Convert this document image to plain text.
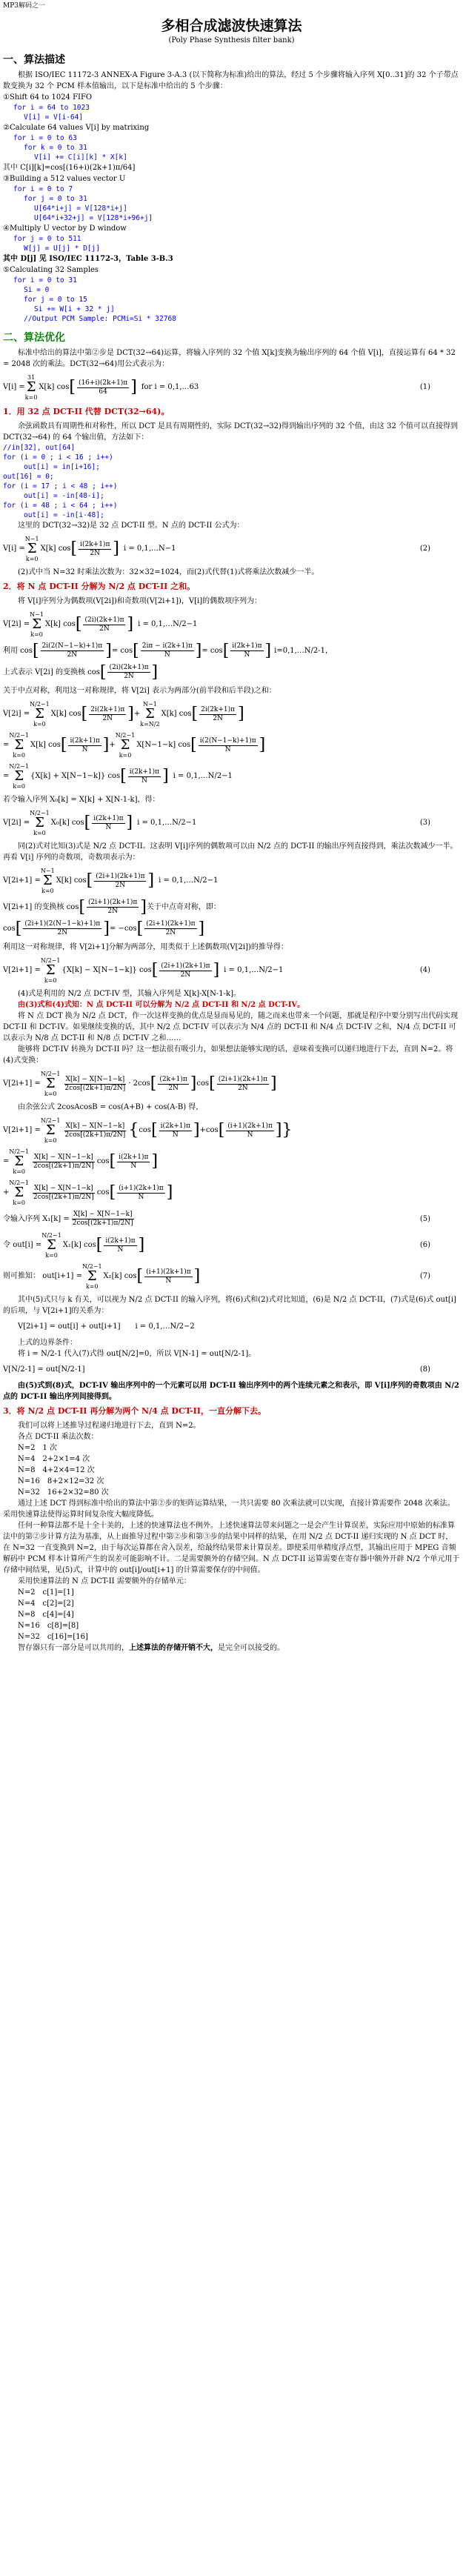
MP3解码之一
多相合成滤波快速算法
(Poly Phase Synthesis filter bank)
一、算法描述

根据 ISO/IEC 11172-3 ANNEX-A Figure 3-A.3 (以下简称为标准)给出的算法，经过 5 个步骤将输入序列 X[0..31]的 32 个子带点数变换为 32 个 PCM 样本值输出，以下是标准中给出的 5 个步骤：

①Shift 64 to 1024 FIFO

for i = 64 to 1023
V[i] = V[i-64]

②Calculate 64 values V[i] by matrixing

for i = 0 to 63
for k = 0 to 31
V[i] += C[i][k] * X[k]

其中 C[i][k]=cos[(16+i)(2k+1)π/64]

③Building a 512 values vector U

for i = 0 to 7
for j = 0 to 31
U[64*i+j] = V[128*i+j]
U[64*i+32+j] = V[128*i+96+j]

④Multiply U vector by D window

for j = 0 to 511
W[j] = U[j] * D[j]

其中 D[j] 见 ISO/IEC 11172-3，Table 3-B.3

⑤Calculating 32 Samples

for i = 0 to 31
Si = 0
for j = 0 to 15
Si += W[i + 32 * j]
//Output PCM Sample: PCMi=Si * 32768
二、算法优化

标准中给出的算法中第②步是 DCT(32→64)运算，将输入序列的 32 个值 X[k]变换为输出序列的 64 个值 V[i]，直接运算有 64 * 32 = 2048 次的乘法。DCT(32→64)用公式表示为：

V[i] =
31
Σ
k=0
X[k] cos [ $\frac{(16+i)(2k+1)\pi}{64}$ ] for i = 0,1,…63	(1)
1．用 32 点 DCT-II 代替 DCT(32→64)。

余弦函数具有周期性和对称性，所以 DCT 是具有周期性的，实际 DCT(32→32)得到输出序列的 32 个值，由这 32 个值可以直接得到 DCT(32→64) 的 64 个输出值，方法如下：

//in[32], out[64]
for (i = 0 ; i < 16 ; i++)
out[i] = in[i+16];
out[16] = 0;
for (i = 17 ; i < 48 ; i++)
out[i] = -in[48-i];
for (i = 48 ; i < 64 ; i++)
out[i] = -in[i-48];

这里的 DCT(32→32)是 32 点 DCT-II 型。N 点的 DCT-II 公式为：

V[i] =
N−1
Σ
k=0
X[k] cos [ $\frac{i(2k+1)\pi}{2N}$ ] i = 0,1,…N−1	(2)

(2)式中当 N=32 时乘法次数为：32×32=1024，而(2)式代替(1)式将乘法次数减少一半。

2．将 N 点 DCT-II 分解为 N/2 点 DCT-II 之和。

将 V[i]序列分为偶数项(V[2i])和奇数项(V[2i+1])，V[i]的偶数项序列为：

V[2i] =
N−1
Σ
k=0
X[k] cos [ $\frac{(2i)(2k+1)\pi}{2N}$ ] i = 0,1,…N/2−1
利用 cos [ $\frac{2i(2(N-1-k)+1)\pi}{2N}$ ] = cos [ $\frac{2i\pi - i(2k+1)\pi}{N}$ ] = cos [ $\frac{i(2k+1)\pi}{N}$ ] i=0,1,…N/2-1，
上式表示 V[2i] 的变换核 cos [ $\frac{(2i)(2k+1)\pi}{2N}$ ]

关于中点对称，利用这一对称规律，将 V[2i] 表示为两部分(前半段和后半段)之和：

V[2i] =
N/2−1
Σ
k=0
X[k] cos [ $\frac{2i(2k+1)\pi}{2N}$ ] +
N−1
Σ
k=N/2
X[k] cos [ $\frac{2i(2k+1)\pi}{2N}$ ]
=
N/2−1
Σ
k=0
X[k] cos [ $\frac{i(2k+1)\pi}{N}$ ] +
N/2−1
Σ
k=0
X[N−1−k] cos [ $\frac{i(2(N-1-k)+1)\pi}{N}$ ]
=
N/2−1
Σ
k=0
{X[k] + X[N−1−k]} cos [ $\frac{i(2k+1)\pi}{N}$ ] i = 0,1,…N/2−1

若令输入序列 X₀[k] = X[k] + X[N-1-k]，得：

V[2i] =
N/2−1
Σ
k=0
X₀[k] cos [ $\frac{i(2k+1)\pi}{N}$ ] i = 0,1,…N/2−1	(3)

同(2)式对比知(3)式是 N/2 点 DCT-II。这表明 V[i]序列的偶数项可以由 N/2 点的 DCT-II 的输出序列直接得到，乘法次数减少一半。

再看 V[i] 序列的奇数项，奇数项表示为：

V[2i+1] =
N−1
Σ
k=0
X[k] cos [ $\frac{(2i+1)(2k+1)\pi}{2N}$ ] i = 0,1,…N/2−1
V[2i+1] 的变换核 cos [ $\frac{(2i+1)(2k+1)\pi}{2N}$ ] 关于中点奇对称，即：
cos [ $\frac{(2i+1)(2(N-1-k)+1)\pi}{2N}$ ] = −cos [ $\frac{(2i+1)(2k+1)\pi}{2N}$ ]

利用这一对称规律，将 V[2i+1]分解为两部分，用类似于上述偶数项(V[2i])的推导得：

V[2i+1] =
N/2−1
Σ
k=0
{X[k] − X[N−1−k]} cos [ $\frac{(2i+1)(2k+1)\pi}{2N}$ ] i = 0,1,…N/2−1	(4)

(4)式是利用的 N/2 点 DCT-IV 型，其输入序列是 X[k]-X[N-1-k]。

由(3)式和(4)式知：N 点 DCT-II 可以分解为 N/2 点 DCT-II 和 N/2 点 DCT-IV。

将 N 点 DCT 换为 N/2 点 DCT，作一次这样变换的优点是显而易见的，随之而来也带来一个问题，那就是程序中要分别写出代码实现 DCT-II 和 DCT-IV。如果继续变换的话，其中 N/2 点 DCT-IV 可以表示为 N/4 点的 DCT-II 和 N/4 点 DCT-IV 之和，N/4 点 DCT-II 可以表示为 N/8 点 DCT-II 和 N/8 点 DCT-IV 之和……

能够将 DCT-IV 转换为 DCT-II 吗？这一想法很有吸引力，如果想法能够实现的话，意味着变换可以递归地进行下去，直到 N=2。将(4)式变换：

V[2i+1] =
N/2−1
Σ
k=0
$\frac{X[k] - X[N-1-k]}{2\cos[(2k+1)\pi/2N]} \cdot 2\cos$ [ $\frac{(2k+1)\pi}{2N}$ ] cos [ $\frac{(2i+1)(2k+1)\pi}{2N}$ ]

由余弦公式 2cosAcosB = cos(A+B) + cos(A-B) 得，

V[2i+1] =
N/2−1
Σ
k=0
$\frac{X[k] - X[N-1-k]}{2\cos[(2k+1)\pi/2N]}$ { cos [ $\frac{i(2k+1)\pi}{N}$ ] + cos [ $\frac{(i+1)(2k+1)\pi}{N}$ ] }
=
N/2−1
Σ
k=0
$\frac{X[k] - X[N-1-k]}{2\cos[(2k+1)\pi/2N]}$ cos [ $\frac{i(2k+1)\pi}{N}$ ]
+
N/2−1
Σ
k=0
$\frac{X[k] - X[N-1-k]}{2\cos[(2k+1)\pi/2N]}$ cos [ $\frac{(i+1)(2k+1)\pi}{N}$ ]
令输入序列
$X_1[k] = \frac{X[k] - X[N-1-k]}{2\cos[(2k+1)\pi/2N]}$	(5)
令
out[i] =
N/2−1
Σ
k=0
X₁[k] cos [ $\frac{i(2k+1)\pi}{N}$ ]	(6)
则可推知：
out[i+1] =
N/2−1
Σ
k=0
X₁[k] cos [ $\frac{(i+1)(2k+1)\pi}{N}$ ]	(7)

其中(5)式只与 k 有关，可以视为 N/2 点 DCT-II 的输入序列，将(6)式和(2)式对比知道，(6)是 N/2 点 DCT-II，(7)式是(6)式 out[i] 的后项，与 V[2i+1]的关系为：

V[2i+1] = out[i] + out[i+1] i = 0,1,…N/2−2

上式的边界条件：

将 i = N/2-1 代入(7)式得 out[N/2]=0，所以 V[N-1] = out[N/2-1]。

V[N/2-1] = out[N/2-1]	(8)

由(5)式到(8)式，DCT-IV 输出序列中的一个元素可以用 DCT-II 输出序列中的两个连续元素之和表示，即 V[i]序列的奇数项由 N/2 点的 DCT-II 输出序列间接得到。

3．将 N/2 点 DCT-II 再分解为两个 N/4 点 DCT-II，一直分解下去。

我们可以将上述推导过程递归地进行下去，直到 N=2。

各点 DCT-II 乘法次数：

N=2　1 次
N=4　2+2×1=4 次
N=8　4+2×4=12 次
N=16　8+2×12=32 次
N=32　16+2×32=80 次

通过上述 DCT 得到标准中给出的算法中第②步的矩阵运算结果，一共只需要 80 次乘法就可以实现，直接计算需要作 2048 次乘法。采用快速算法使得运算时间复杂度大幅度降低。

任何一种算法都不是十全十美的，上述的快速算法也不例外。上述快速算法带来问题之一是会产生计算误差，实际应用中原始的标准算法中的第②步计算方法为基准，从上面推导过程中第②步和第③步的结果中同样的结果，在用 N/2 点 DCT-II 递归实现的 N 点 DCT 时，在 N=32 一直变换到 N=2，由于每次运算都在舍入误差，给最终结果带来计算误差。即使采用单精度浮点型，其输出应用于 MPEG 音频解码中 PCM 样本计算所产生的误差可能影响不计。二是需要额外的存储空间。N 点 DCT-II 运算需要在寄存器中额外开辟 N/2 个单元用于存储中间结果，见(5)式，计算中的 out[i]/out[i+1] 的计算需要保存的中间值。

采用快速算法的 N 点 DCT-II 需要额外的存储单元：

N=2　c[1]=[1]
N=4　c[2]=[2]
N=8　c[4]=[4]
N=16　c[8]=[8]
N=32　c[16]=[16]

智存器只有一部分是可以共用的，上述算法的存储开销不大，是完全可以接受的。
